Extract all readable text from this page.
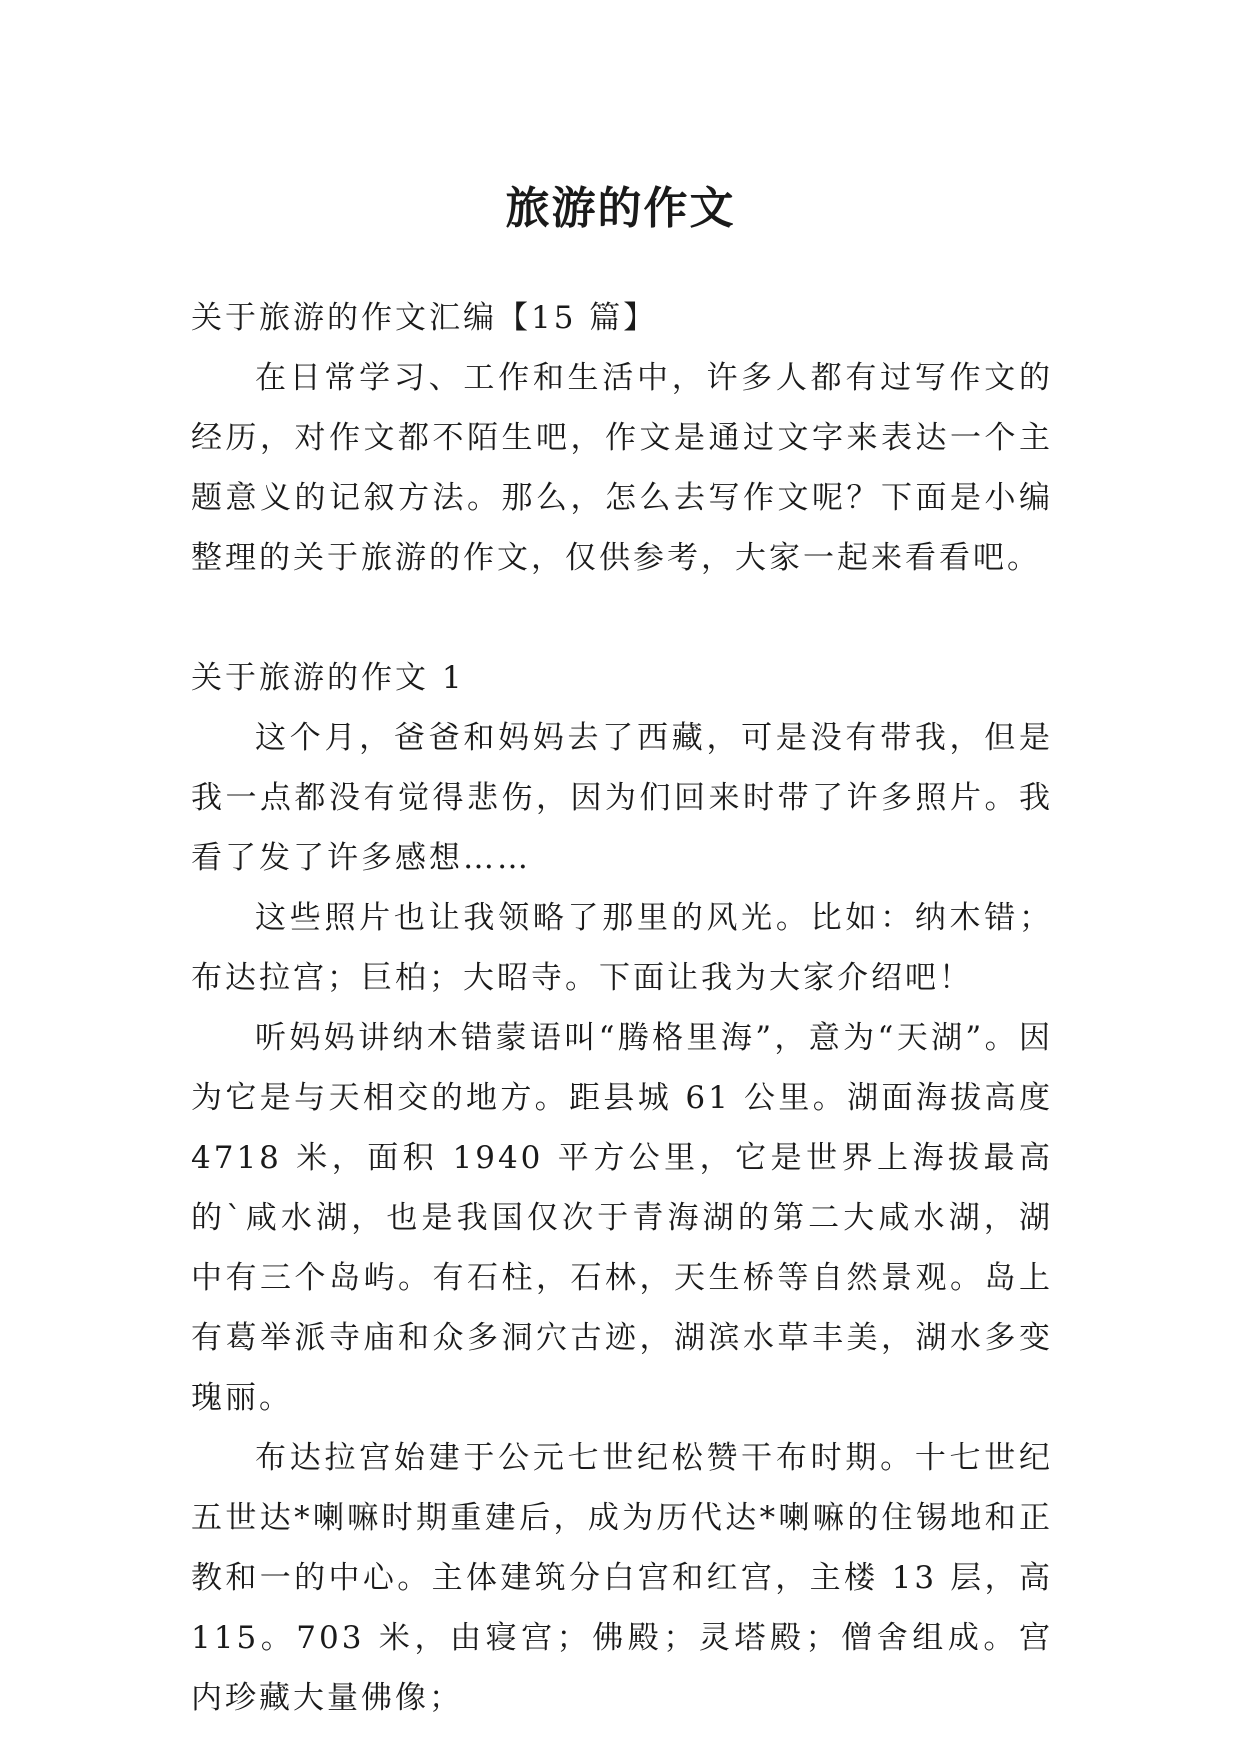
旅游的作文

关于旅游的作文汇编【15 篇】

在日常学习、工作和生活中，许多人都有过写作文的经历，对作文都不陌生吧，作文是通过文字来表达一个主题意义的记叙方法。那么，怎么去写作文呢？下面是小编整理的关于旅游的作文，仅供参考，大家一起来看看吧。

关于旅游的作文 1

这个月，爸爸和妈妈去了西藏，可是没有带我，但是我一点都没有觉得悲伤，因为们回来时带了许多照片。我看了发了许多感想……

这些照片也让我领略了那里的风光。比如：纳木错；布达拉宫；巨柏；大昭寺。下面让我为大家介绍吧！

听妈妈讲纳木错蒙语叫“腾格里海”，意为“天湖”。因为它是与天相交的地方。距县城 61 公里。湖面海拔高度 4718 米，面积 1940 平方公里，它是世界上海拔最高的`咸水湖，也是我国仅次于青海湖的第二大咸水湖，湖中有三个岛屿。有石柱，石林，天生桥等自然景观。岛上有葛举派寺庙和众多洞穴古迹，湖滨水草丰美，湖水多变瑰丽。

布达拉宫始建于公元七世纪松赞干布时期。十七世纪五世达*喇嘛时期重建后，成为历代达*喇嘛的住锡地和正教和一的中心。主体建筑分白宫和红宫，主楼 13 层，高 115。703 米，由寝宫；佛殿；灵塔殿；僧舍组成。宫内珍藏大量佛像；
